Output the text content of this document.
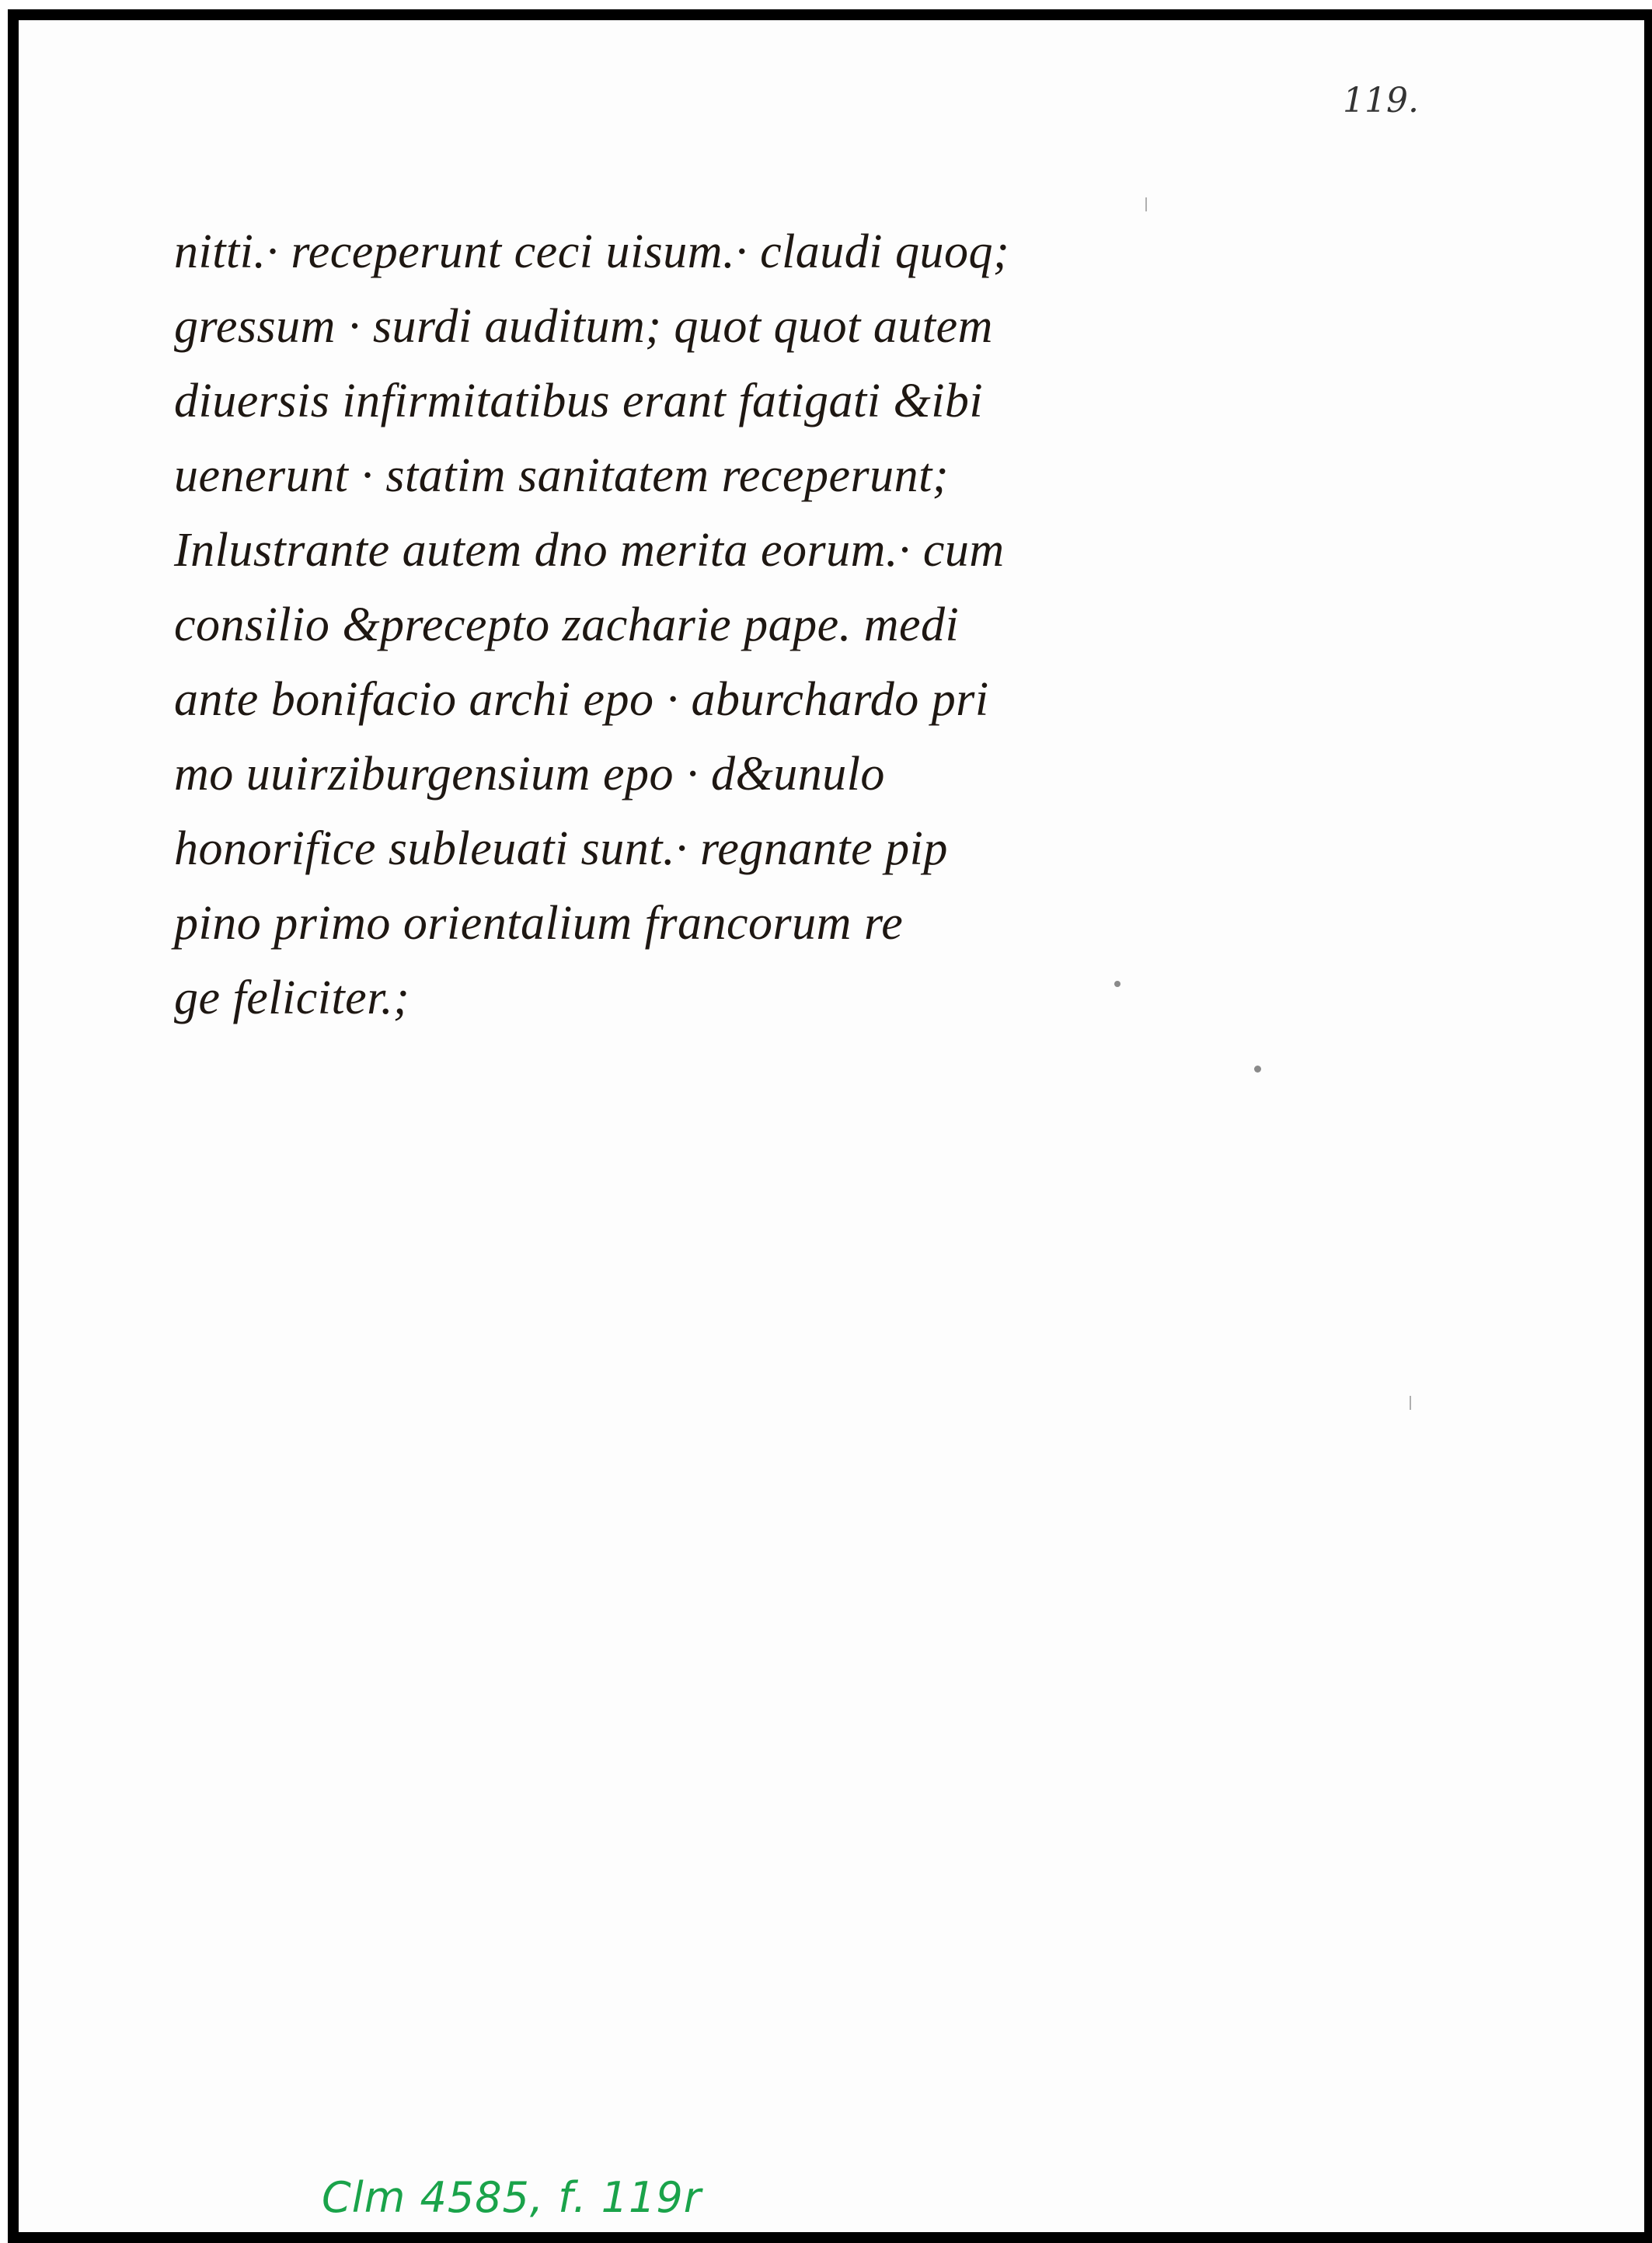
119.
nitti.· receperunt ceci uisum.· claudi quoq;
gressum · surdi auditum; quot quot autem
diuersis infirmitatibus erant fatigati &ibi
uenerunt · statim sanitatem receperunt;
Inlustrante autem dno merita eorum.· cum
consilio &precepto zacharie pape. medi
ante bonifacio archi epo · aburchardo pri
mo uuirziburgensium epo · d&unulo
honorifice subleuati sunt.· regnante pip
pino primo orientalium francorum re
ge feliciter.;
Clm 4585, f. 119r
